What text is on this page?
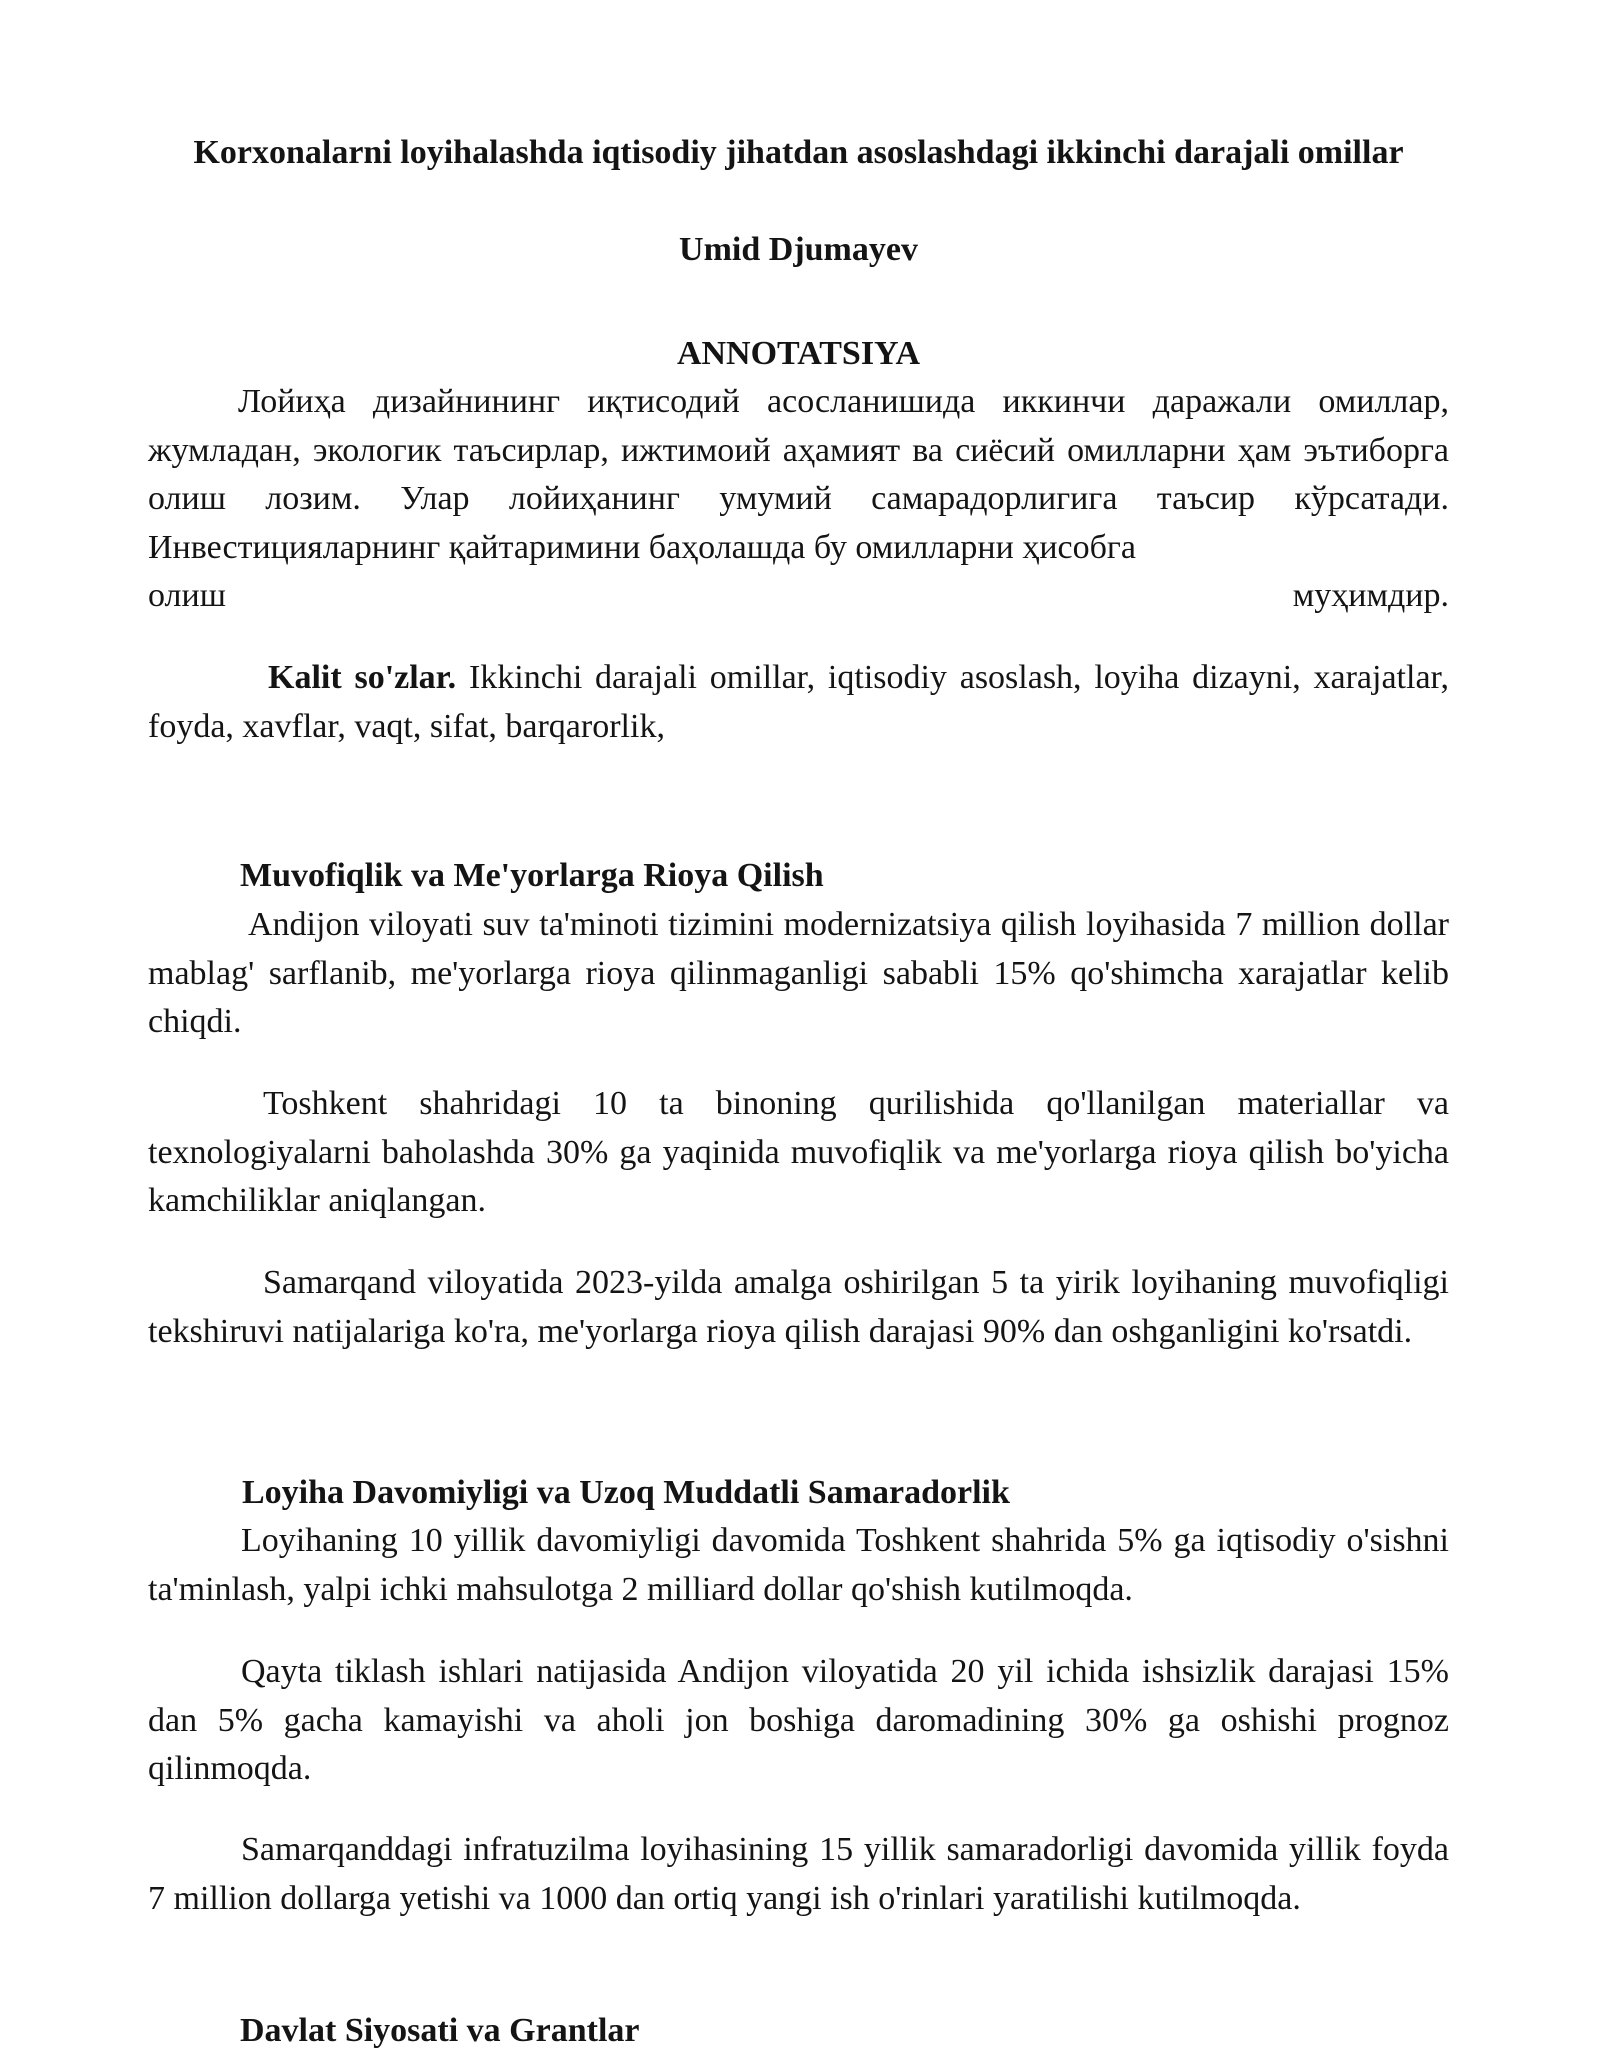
Korxonalarni loyihalashda iqtisodiy jihatdan asoslashdagi ikkinchi darajali omillar
Umid Djumayev
ANNOTATSIYA
Лойиҳа дизайнининг иқтисодий асосланишида иккинчи даражали омиллар, жумладан, экологик таъсирлар, ижтимоий аҳамият ва сиёсий омилларни ҳам эътиборга олиш лозим. Улар лойиҳанинг умумий самарадорлигига таъсир кўрсатади. Инвестицияларнинг қайтаримини баҳолашда бу омилларни ҳисобга
олиш муҳимдир.
Kalit so'zlar. Ikkinchi darajali omillar, iqtisodiy asoslash, loyiha dizayni, xarajatlar, foyda, xavflar, vaqt, sifat, barqarorlik,
Muvofiqlik va Me'yorlarga Rioya Qilish
Andijon viloyati suv ta'minoti tizimini modernizatsiya qilish loyihasida 7 million dollar mablag' sarflanib, me'yorlarga rioya qilinmaganligi sababli 15% qo'shimcha xarajatlar kelib chiqdi.
Toshkent shahridagi 10 ta binoning qurilishida qo'llanilgan materiallar va texnologiyalarni baholashda 30% ga yaqinida muvofiqlik va me'yorlarga rioya qilish bo'yicha kamchiliklar aniqlangan.
Samarqand viloyatida 2023-yilda amalga oshirilgan 5 ta yirik loyihaning muvofiqligi tekshiruvi natijalariga ko'ra, me'yorlarga rioya qilish darajasi 90% dan oshganligini ko'rsatdi.
Loyiha Davomiyligi va Uzoq Muddatli Samaradorlik
Loyihaning 10 yillik davomiyligi davomida Toshkent shahrida 5% ga iqtisodiy o'sishni ta'minlash, yalpi ichki mahsulotga 2 milliard dollar qo'shish kutilmoqda.
Qayta tiklash ishlari natijasida Andijon viloyatida 20 yil ichida ishsizlik darajasi 15% dan 5% gacha kamayishi va aholi jon boshiga daromadining 30% ga oshishi prognoz qilinmoqda.
Samarqanddagi infratuzilma loyihasining 15 yillik samaradorligi davomida yillik foyda 7 million dollarga yetishi va 1000 dan ortiq yangi ish o'rinlari yaratilishi kutilmoqda.
Davlat Siyosati va Grantlar
